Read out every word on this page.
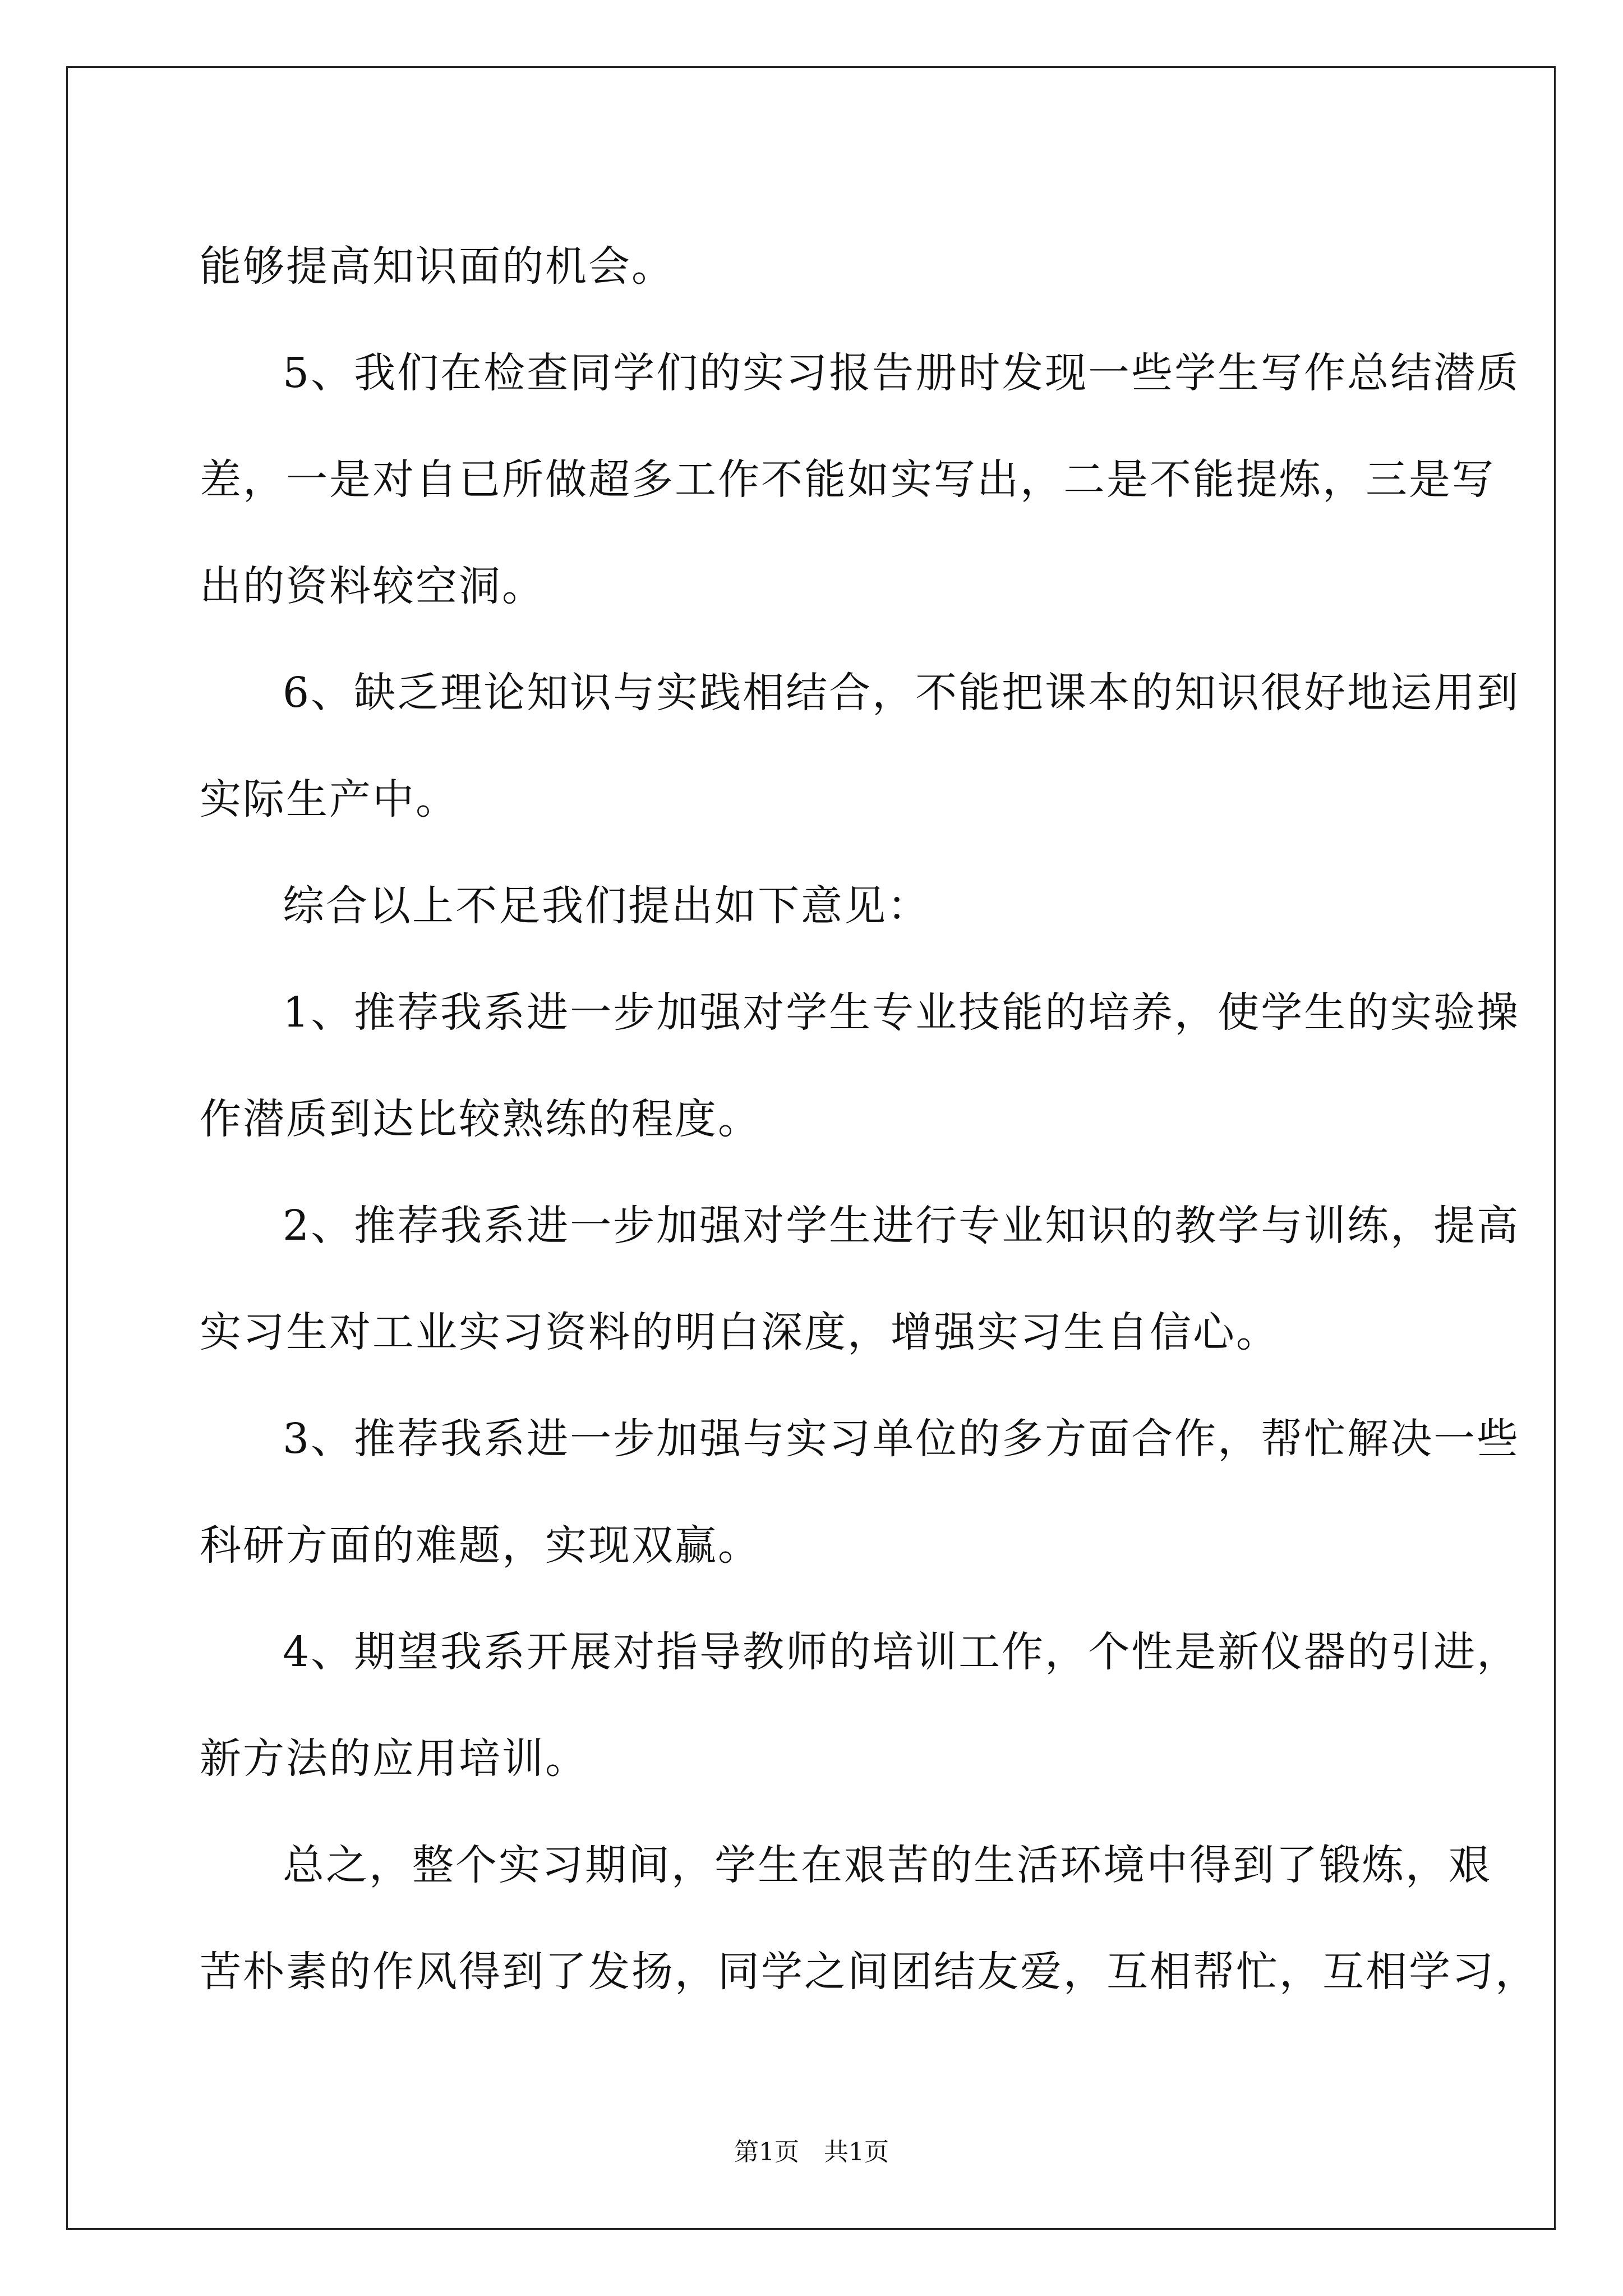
能够提高知识面的机会。

5、我们在检查同学们的实习报告册时发现一些学生写作总结潜质

差，一是对自已所做超多工作不能如实写出，二是不能提炼，三是写

出的资料较空洞。

6、缺乏理论知识与实践相结合，不能把课本的知识很好地运用到

实际生产中。

综合以上不足我们提出如下意见：

1、推荐我系进一步加强对学生专业技能的培养，使学生的实验操

作潜质到达比较熟练的程度。

2、推荐我系进一步加强对学生进行专业知识的教学与训练，提高

实习生对工业实习资料的明白深度，增强实习生自信心。

3、推荐我系进一步加强与实习单位的多方面合作，帮忙解决一些

科研方面的难题，实现双赢。

4、期望我系开展对指导教师的培训工作，个性是新仪器的引进，

新方法的应用培训。

总之，整个实习期间，学生在艰苦的生活环境中得到了锻炼，艰

苦朴素的作风得到了发扬，同学之间团结友爱，互相帮忙，互相学习，

第1页　共1页
